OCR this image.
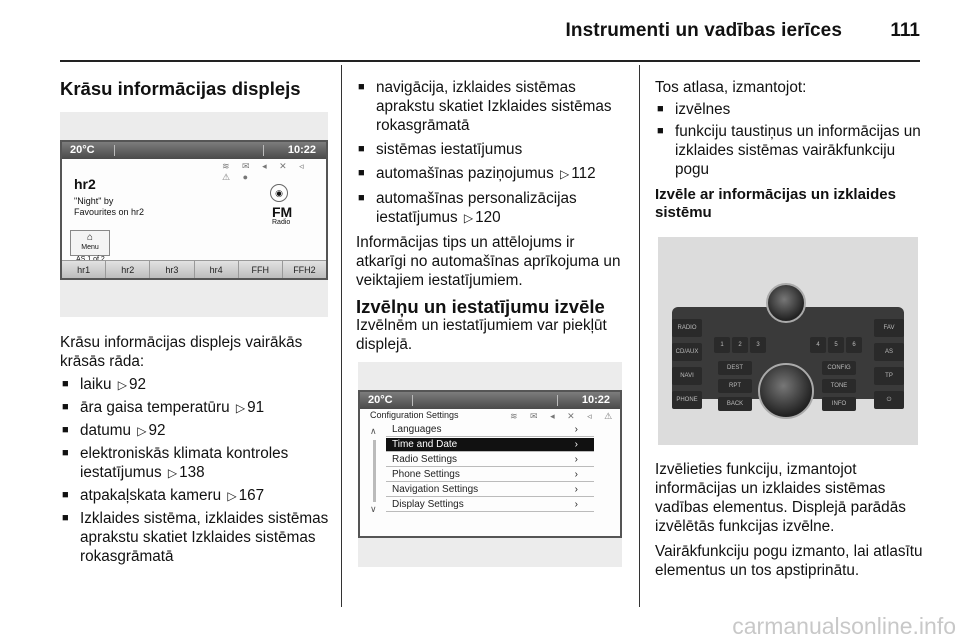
Instrumenti un vadības ierīces	111
Krāsu informācijas displejs
20°C	10:22
≋ ✉ ◂ ✕ ◃ ⚠ ●
hr2
"Night" by
Favourites on hr2
◉
FM
Radio
⌂
Menu
hr1	hr2	hr3	hr4	FFH	FFH2

Krāsu informācijas displejs vairākās krāsās rāda:

■ laiku ▷ 92
■ āra gaisa temperatūru ▷ 91
■ datumu ▷ 92
■ elektroniskās klimata kontroles iestatījumus ▷ 138
■ atpakaļskata kameru ▷ 167
■ Izklaides sistēma, izklaides sistēmas aprakstu skatiet Izklaides sistēmas rokasgrāmatā
■ navigācija, izklaides sistēmas aprakstu skatiet Izklaides sistēmas rokasgrāmatā
■ sistēmas iestatījumus
■ automašīnas paziņojumus ▷ 112
■ automašīnas personalizācijas iestatījumus ▷ 120

Informācijas tips un attēlojums ir atkarīgi no automašīnas aprīkojuma un veiktajiem iestatījumiem.

Izvēlņu un iestatījumu izvēle

Izvēlnēm un iestatījumiem var piekļūt displejā.

20°C	10:22
Configuration Settings	≋ ✉ ◂ ✕ ◃ ⚠
∧
∨
Languages	›
Time and Date	›
Radio Settings	›
Phone Settings	›
Navigation Settings	›
Display Settings	›

Tos atlasa, izmantojot:

■ izvēlnes
■ funkciju taustiņus un informācijas un izklaides sistēmas vairākfunkciju pogu
Izvēle ar informācijas un izklaides sistēmu
RADIO
CD/AUX
NAVI
PHONE
FAV
AS
TP
⏻
1	2	3	4	5	6
DEST
RPT
BACK
CONFIG
TONE
INFO

Izvēlieties funkciju, izmantojot informācijas un izklaides sistēmas vadības elementus. Displejā parādās izvēlētās funkcijas izvēlne.

Vairākfunkciju pogu izmanto, lai atlasītu elementus un tos apstiprinātu.

carmanualsonline.info
